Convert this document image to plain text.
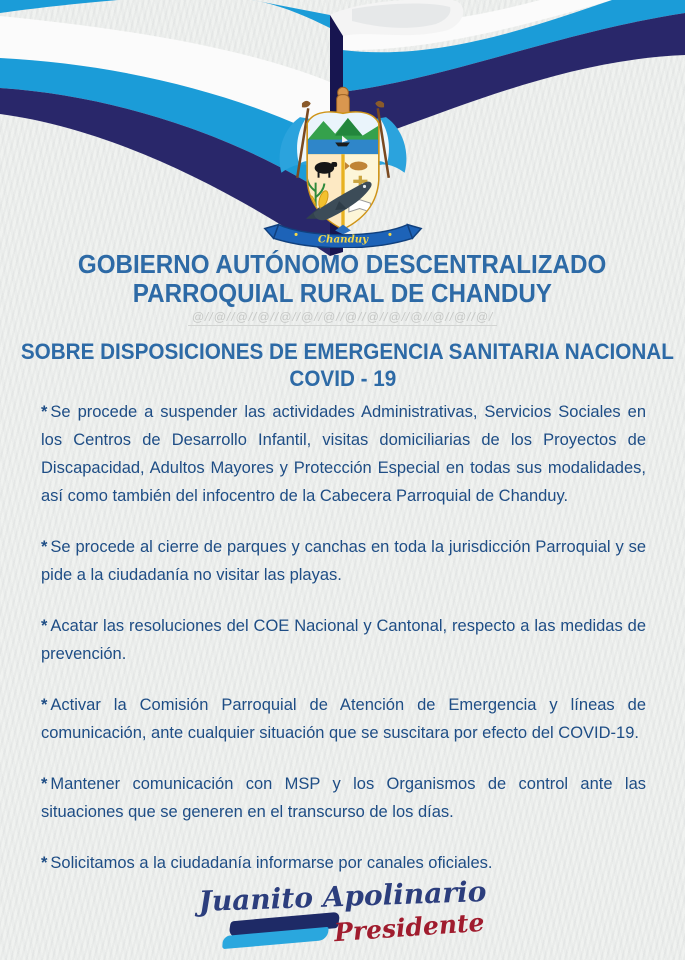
Chanduy
GOBIERNO AUTÓNOMO DESCENTRALIZADO
PARROQUIAL RURAL DE CHANDUY
@//@//@//@//@//@//@//@//@//@//@//@//@//@/
SOBRE DISPOSICIONES DE EMERGENCIA SANITARIA NACIONAL
COVID - 19

* Se procede a suspender las actividades Administrativas, Servicios Sociales en los Centros de Desarrollo Infantil, visitas domiciliarias de los Proyectos de Discapacidad, Adultos Mayores y Protección Especial en todas sus modalidades, así como también del infocentro de la Cabecera Parroquial de Chanduy.

* Se procede al cierre de parques y canchas en toda la jurisdicción Parroquial y se pide a la ciudadanía no visitar las playas.

* Acatar las resoluciones del COE Nacional y Cantonal, respecto a las medidas de prevención.

* Activar la Comisión Parroquial de Atención de Emergencia y líneas de comunicación, ante cualquier situación que se suscitara por efecto del COVID-19.

* Mantener comunicación con MSP y los Organismos de control ante las situaciones que se generen en el transcurso de los días.

* Solicitamos a la ciudadanía informarse por canales oficiales.

Juanito Apolinario
Presidente
